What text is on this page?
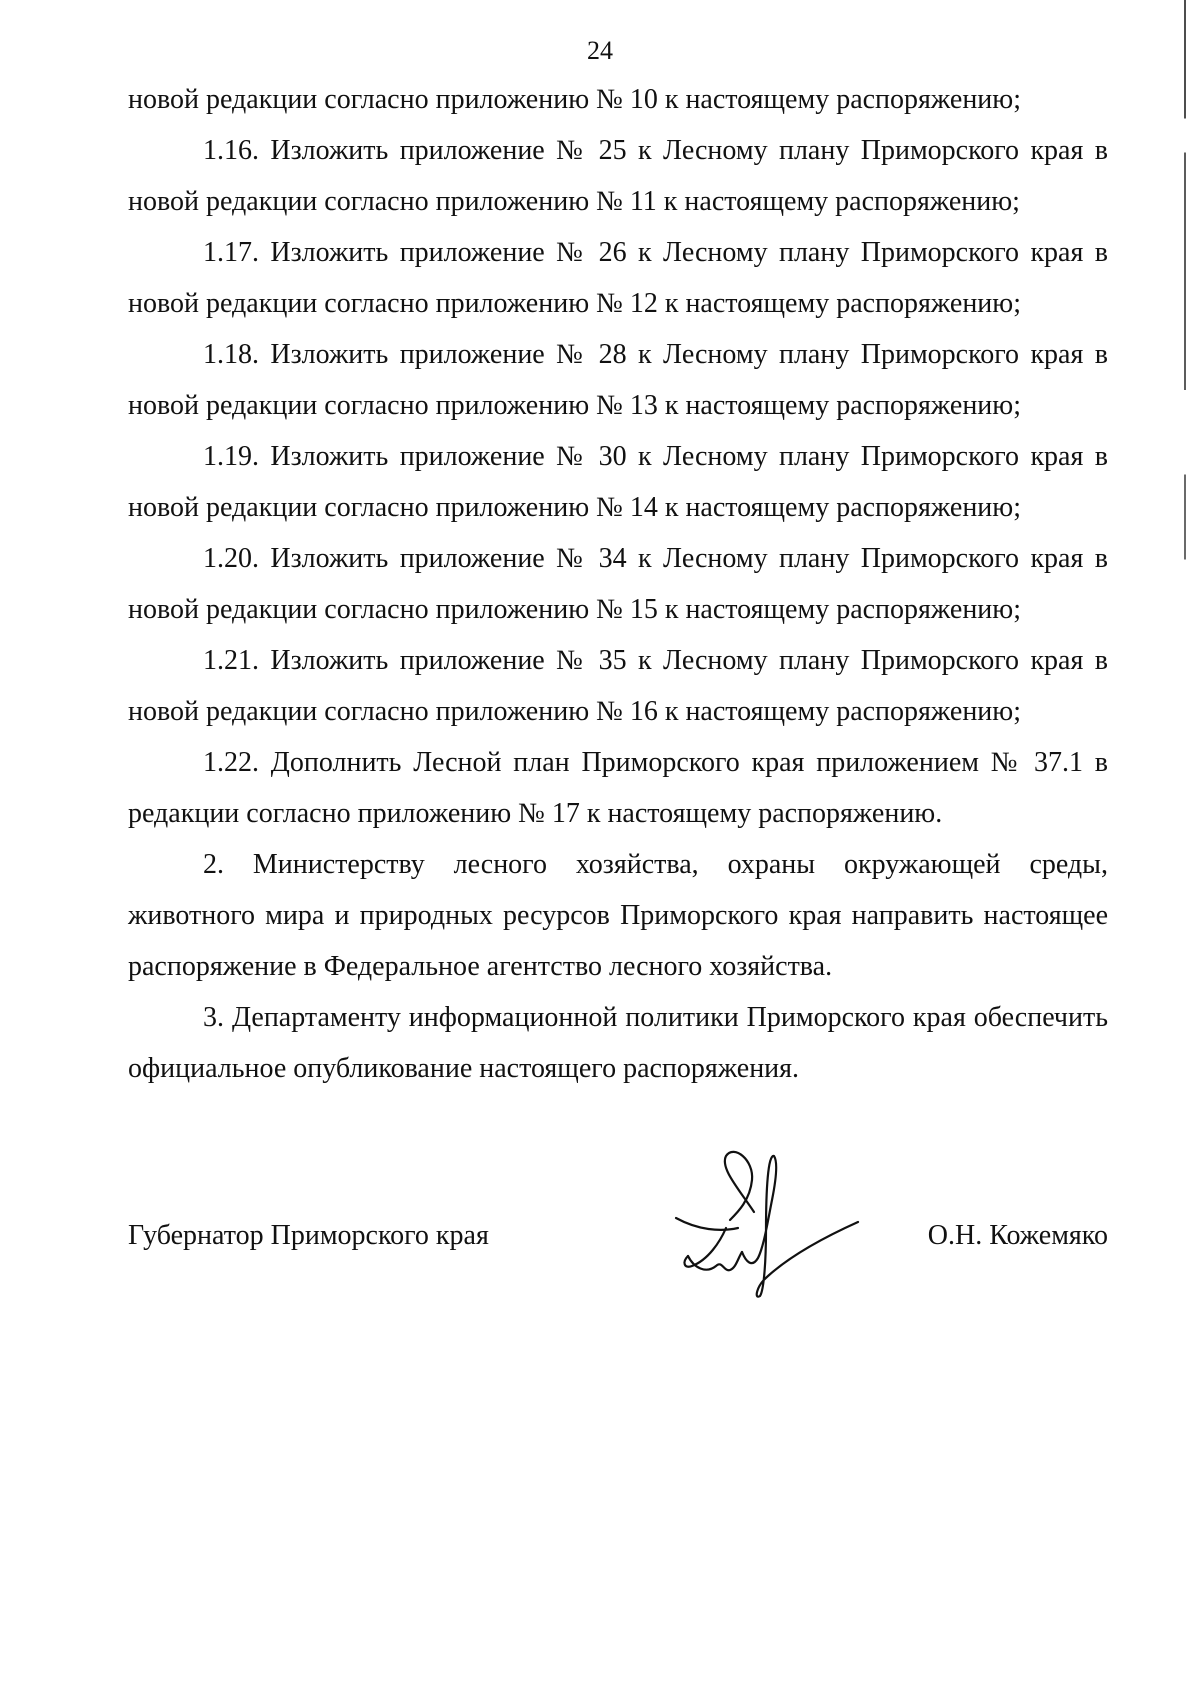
24

новой редакции согласно приложению № 10 к настоящему распоряжению;

1.16. Изложить приложение № 25 к Лесному плану Приморского края в новой редакции согласно приложению № 11 к настоящему распоряжению;

1.17. Изложить приложение № 26 к Лесному плану Приморского края в новой редакции согласно приложению № 12 к настоящему распоряжению;

1.18. Изложить приложение № 28 к Лесному плану Приморского края в новой редакции согласно приложению № 13 к настоящему распоряжению;

1.19. Изложить приложение № 30 к Лесному плану Приморского края в новой редакции согласно приложению № 14 к настоящему распоряжению;

1.20. Изложить приложение № 34 к Лесному плану Приморского края в новой редакции согласно приложению № 15 к настоящему распоряжению;

1.21. Изложить приложение № 35 к Лесному плану Приморского края в новой редакции согласно приложению № 16 к настоящему распоряжению;

1.22. Дополнить Лесной план Приморского края приложением № 37.1 в редакции согласно приложению № 17 к настоящему распоряжению.

2. Министерству лесного хозяйства, охраны окружающей среды, животного мира и природных ресурсов Приморского края направить настоящее распоряжение в Федеральное агентство лесного хозяйства.

3. Департаменту информационной политики Приморского края обеспечить официальное опубликование настоящего распоряжения.

Губернатор Приморского края	О.Н. Кожемяко
